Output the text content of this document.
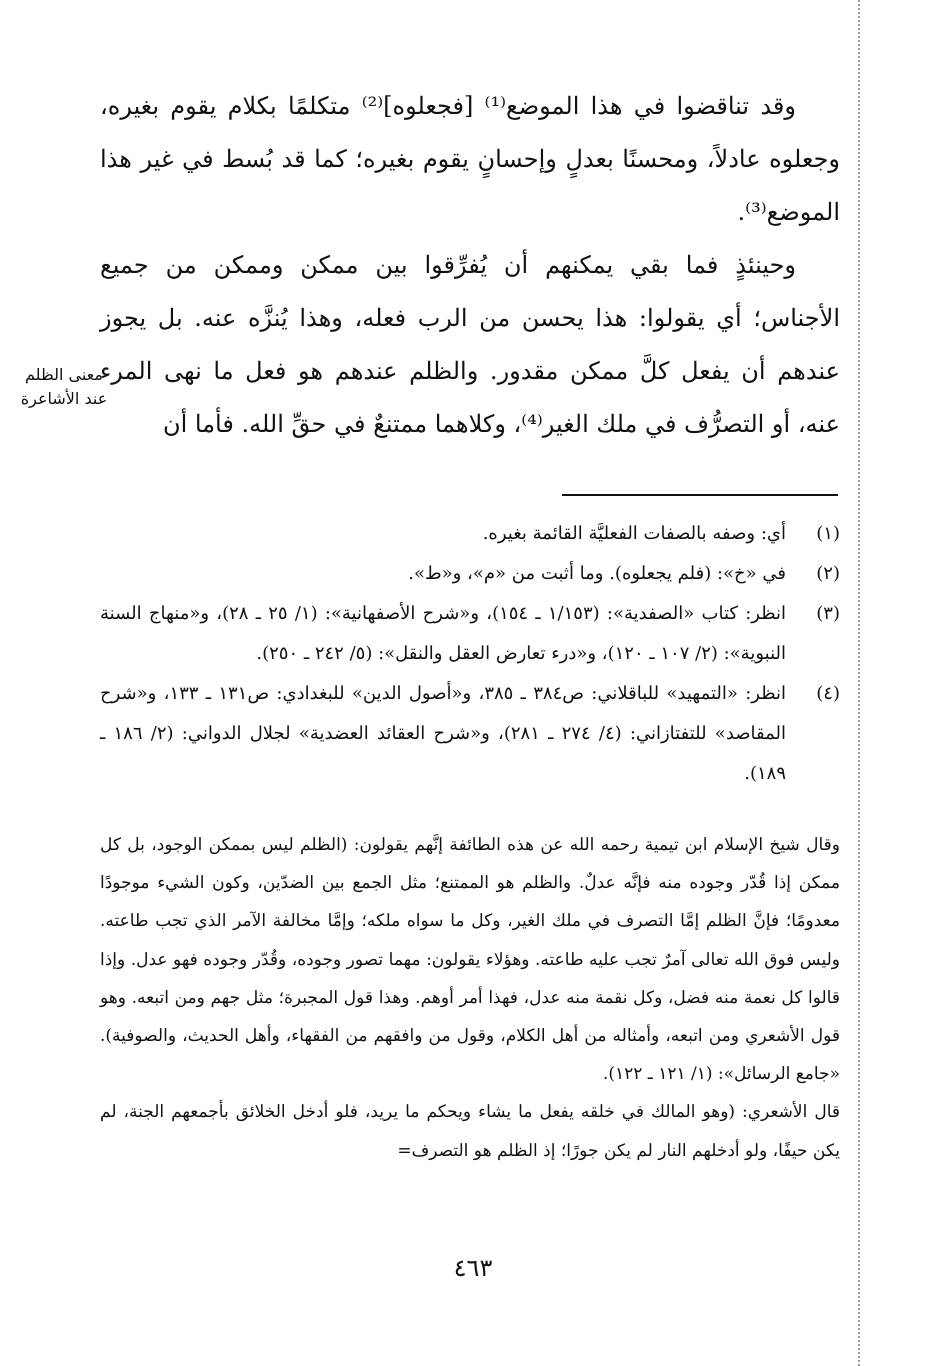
وقد تناقضوا في هذا الموضع⁽¹⁾ [فجعلوه]⁽²⁾ متكلمًا بكلام يقوم بغيره، وجعلوه عادلاً، ومحسنًا بعدلٍ وإحسانٍ يقوم بغيره؛ كما قد بُسط في غير هذا الموضع⁽³⁾.

وحينئذٍ فما بقي يمكنهم أن يُفرِّقوا بين ممكن وممكن من جميع الأجناس؛ أي يقولوا: هذا يحسن من الرب فعله، وهذا يُنزَّه عنه. بل يجوز عندهم أن يفعل كلَّ ممكن مقدور. والظلم عندهم هو فعل ما نهى المرء عنه، أو التصرُّف في ملك الغير⁽⁴⁾، وكلاهما ممتنعٌ في حقِّ الله. فأما أن

معنى الظلم عند الأشاعرة
(١)
أي: وصفه بالصفات الفعليَّة القائمة بغيره.
(٢)
في «خ»: (فلم يجعلوه). وما أثبت من «م»، و«ط».
(٣)
انظر: كتاب «الصفدية»: (١/١٥٣ ـ ١٥٤)، و«شرح الأصفهانية»: (١/ ٢٥ ـ ٢٨)، و«منهاج السنة النبوية»: (٢/ ١٠٧ ـ ١٢٠)، و«درء تعارض العقل والنقل»: (٥/ ٢٤٢ ـ ٢٥٠).
(٤)
انظر: «التمهيد» للباقلاني: ص٣٨٤ ـ ٣٨٥، و«أصول الدين» للبغدادي: ص١٣١ ـ ١٣٣، و«شرح المقاصد» للتفتازاني: (٤/ ٢٧٤ ـ ٢٨١)، و«شرح العقائد العضدية» لجلال الدواني: (٢/ ١٨٦ ـ ١٨٩).

وقال شيخ الإسلام ابن تيمية رحمه الله عن هذه الطائفة إنَّهم يقولون: (الظلم ليس بممكن الوجود، بل كل ممكن إذا قُدّر وجوده منه فإنَّه عدلٌ. والظلم هو الممتنع؛ مثل الجمع بين الضدّين، وكون الشيء موجودًا معدومًا؛ فإنَّ الظلم إمَّا التصرف في ملك الغير، وكل ما سواه ملكه؛ وإمَّا مخالفة الآمر الذي تجب طاعته. وليس فوق الله تعالى آمرٌ تجب عليه طاعته. وهؤلاء يقولون: مهما تصور وجوده، وقُدّر وجوده فهو عدل. وإذا قالوا كل نعمة منه فضل، وكل نقمة منه عدل، فهذا أمر أوهم. وهذا قول المجبرة؛ مثل جهم ومن اتبعه. وهو قول الأشعري ومن اتبعه، وأمثاله من أهل الكلام، وقول من وافقهم من الفقهاء، وأهل الحديث، والصوفية). «جامع الرسائل»: (١/ ١٢١ ـ ١٢٢).

قال الأشعري: (وهو المالك في خلقه يفعل ما يشاء ويحكم ما يريد، فلو أدخل الخلائق بأجمعهم الجنة، لم يكن حيفًا، ولو أدخلهم النار لم يكن جورًا؛ إذ الظلم هو التصرف=

٤٦٣
